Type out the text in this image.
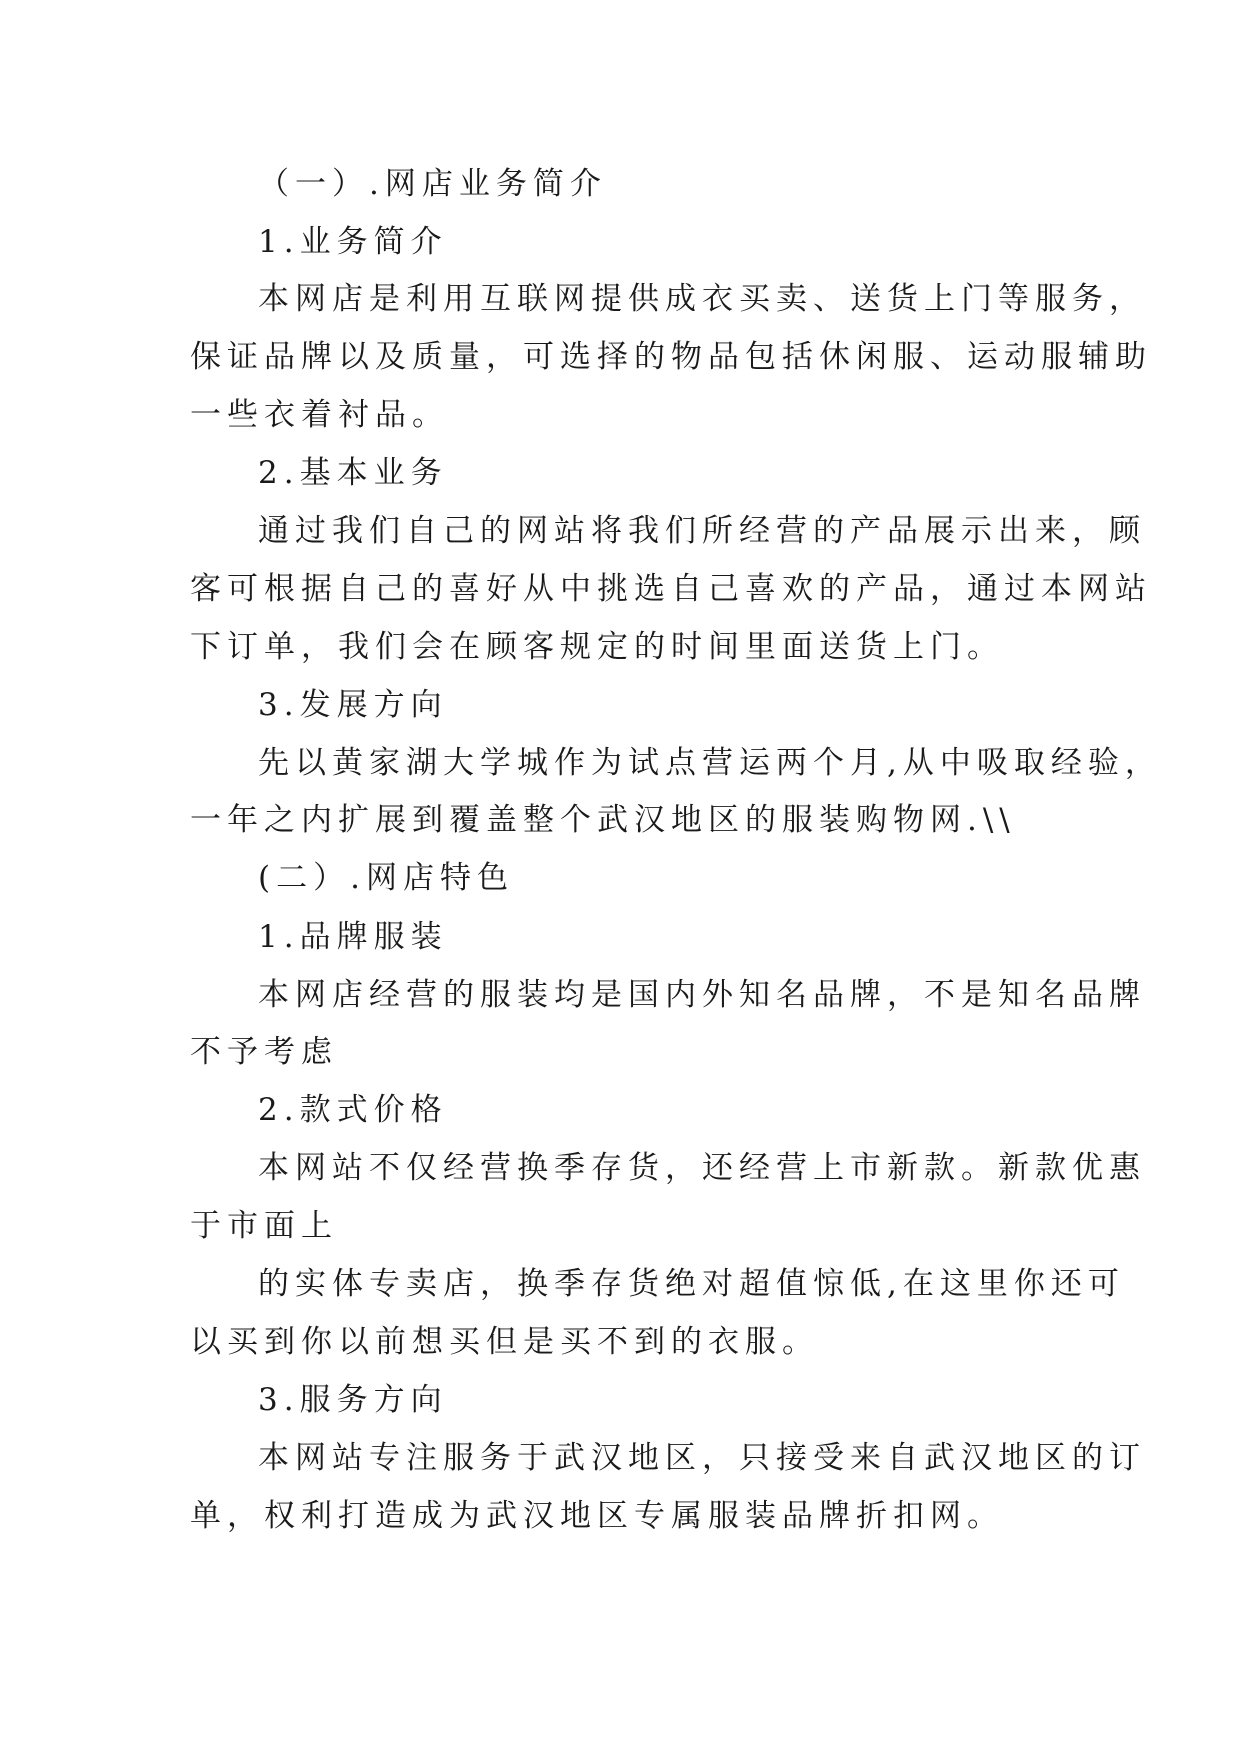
（一）.网店业务简介
1.业务简介
本网店是利用互联网提供成衣买卖、送货上门等服务，
保证品牌以及质量，可选择的物品包括休闲服、运动服辅助
一些衣着衬品。
2.基本业务
通过我们自己的网站将我们所经营的产品展示出来，顾
客可根据自己的喜好从中挑选自己喜欢的产品，通过本网站
下订单，我们会在顾客规定的时间里面送货上门。
3.发展方向
先以黄家湖大学城作为试点营运两个月,从中吸取经验，
一年之内扩展到覆盖整个武汉地区的服装购物网.\\
(二）.网店特色
1.品牌服装
本网店经营的服装均是国内外知名品牌，不是知名品牌
不予考虑
2.款式价格
本网站不仅经营换季存货，还经营上市新款。新款优惠
于市面上
的实体专卖店，换季存货绝对超值惊低,在这里你还可
以买到你以前想买但是买不到的衣服。
3.服务方向
本网站专注服务于武汉地区，只接受来自武汉地区的订
单，权利打造成为武汉地区专属服装品牌折扣网。
